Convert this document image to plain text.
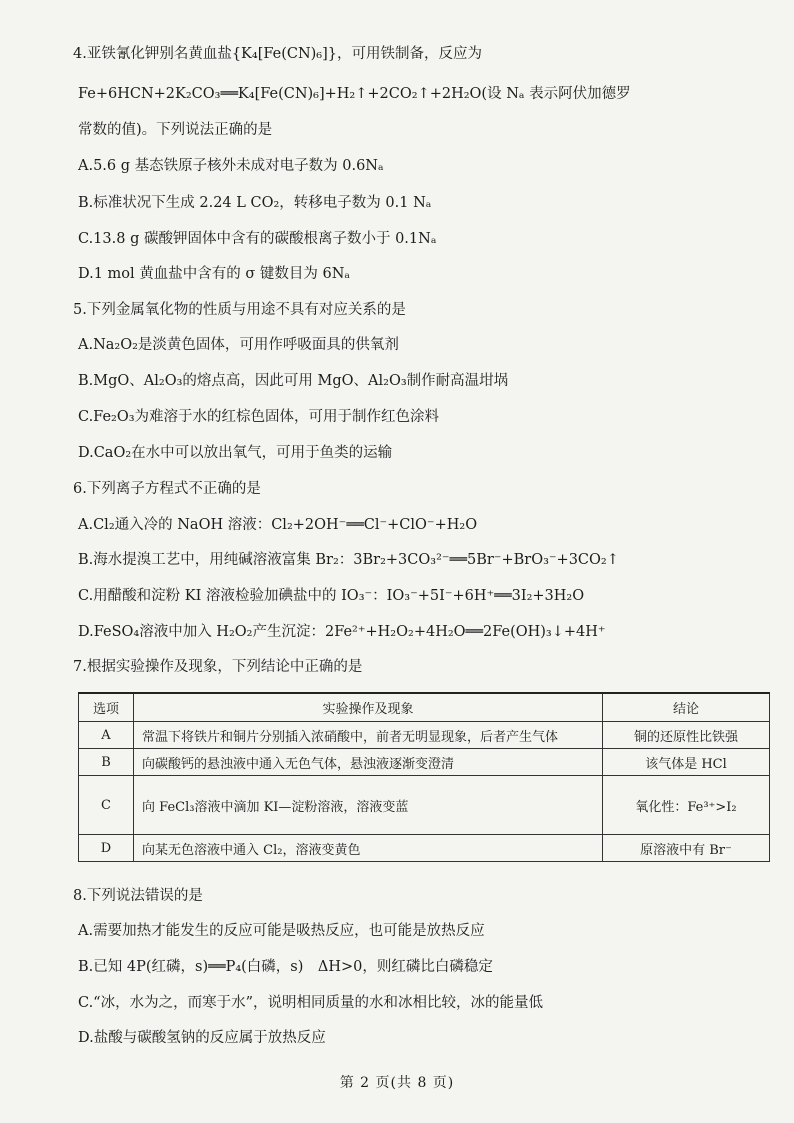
4.亚铁氰化钾别名黄血盐{K₄[Fe(CN)₆]}，可用铁制备，反应为
Fe+6HCN+2K₂CO₃══K₄[Fe(CN)₆]+H₂↑+2CO₂↑+2H₂O(设 Nₐ 表示阿伏加德罗
常数的值)。下列说法正确的是
A.5.6 g 基态铁原子核外未成对电子数为 0.6Nₐ
B.标准状况下生成 2.24 L CO₂，转移电子数为 0.1 Nₐ
C.13.8 g 碳酸钾固体中含有的碳酸根离子数小于 0.1Nₐ
D.1 mol 黄血盐中含有的 σ 键数目为 6Nₐ
5.下列金属氧化物的性质与用途不具有对应关系的是
A.Na₂O₂是淡黄色固体，可用作呼吸面具的供氧剂
B.MgO、Al₂O₃的熔点高，因此可用 MgO、Al₂O₃制作耐高温坩埚
C.Fe₂O₃为难溶于水的红棕色固体，可用于制作红色涂料
D.CaO₂在水中可以放出氧气，可用于鱼类的运输
6.下列离子方程式不正确的是
A.Cl₂通入冷的 NaOH 溶液：Cl₂+2OH⁻══Cl⁻+ClO⁻+H₂O
B.海水提溴工艺中，用纯碱溶液富集 Br₂：3Br₂+3CO₃²⁻══5Br⁻+BrO₃⁻+3CO₂↑
C.用醋酸和淀粉 KI 溶液检验加碘盐中的 IO₃⁻：IO₃⁻+5I⁻+6H⁺══3I₂+3H₂O
D.FeSO₄溶液中加入 H₂O₂产生沉淀：2Fe²⁺+H₂O₂+4H₂O══2Fe(OH)₃↓+4H⁺
7.根据实验操作及现象，下列结论中正确的是
选项	实验操作及现象	结论
A	常温下将铁片和铜片分别插入浓硝酸中，前者无明显现象，后者产生气体	铜的还原性比铁强
B	向碳酸钙的悬浊液中通入无色气体，悬浊液逐渐变澄清	该气体是 HCl
C	向 FeCl₃溶液中滴加 KI—淀粉溶液，溶液变蓝	氧化性：Fe³⁺>I₂
D	向某无色溶液中通入 Cl₂，溶液变黄色	原溶液中有 Br⁻
8.下列说法错误的是
A.需要加热才能发生的反应可能是吸热反应，也可能是放热反应
B.已知 4P(红磷，s)══P₄(白磷，s)　ΔH>0，则红磷比白磷稳定
C.“冰，水为之，而寒于水”，说明相同质量的水和冰相比较，冰的能量低
D.盐酸与碳酸氢钠的反应属于放热反应
第 2 页(共 8 页)
